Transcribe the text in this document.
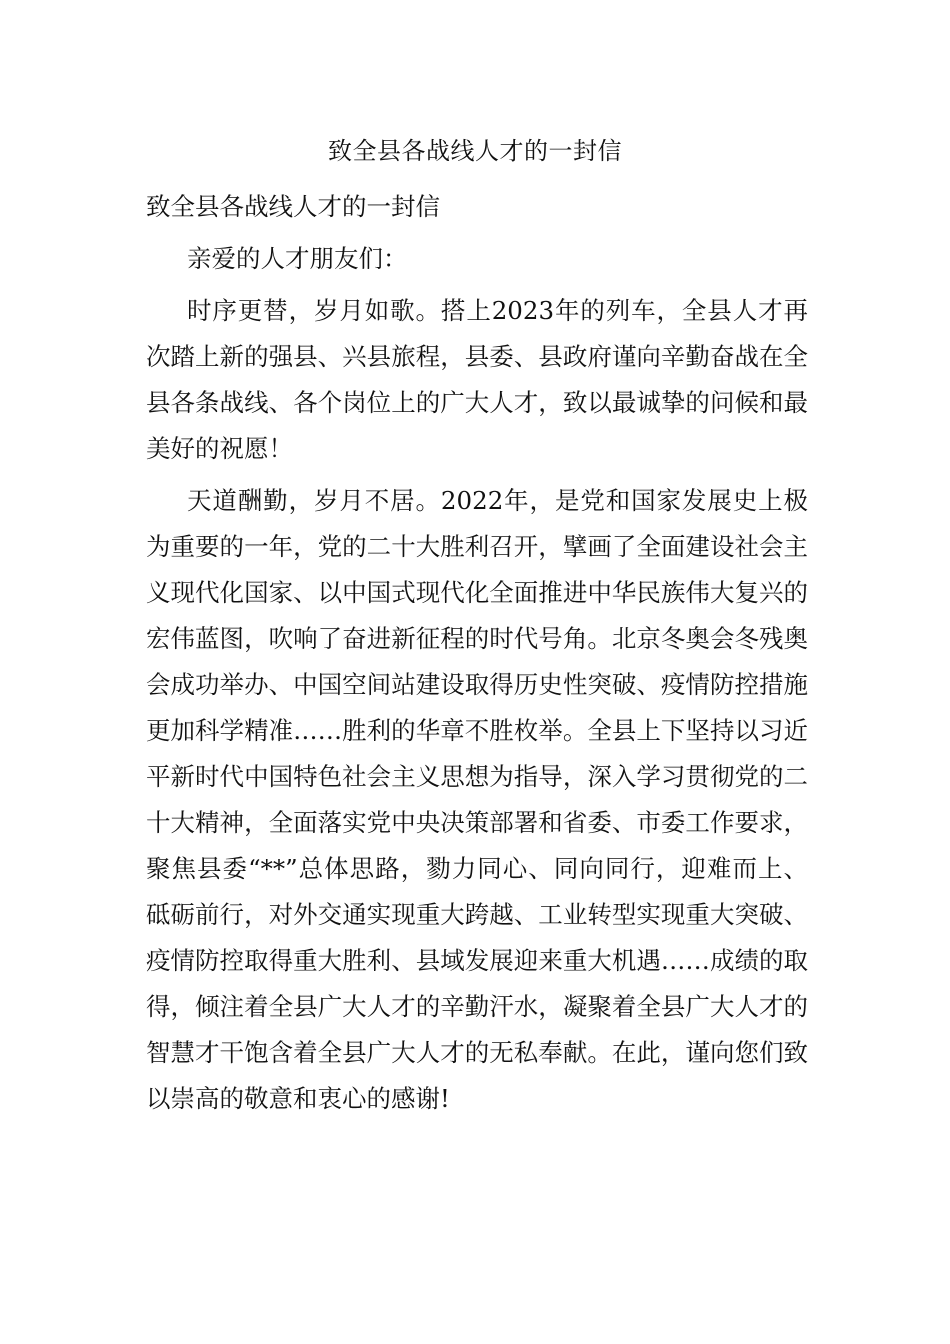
致全县各战线人才的一封信

致全县各战线人才的一封信

亲爱的人才朋友们：

时序更替，岁月如歌。搭上2023年的列车，全县人才再次踏上新的强县、兴县旅程，县委、县政府谨向辛勤奋战在全县各条战线、各个岗位上的广大人才，致以最诚挚的问候和最美好的祝愿！

天道酬勤，岁月不居。2022年，是党和国家发展史上极为重要的一年，党的二十大胜利召开，擘画了全面建设社会主义现代化国家、以中国式现代化全面推进中华民族伟大复兴的宏伟蓝图，吹响了奋进新征程的时代号角。北京冬奥会冬残奥会成功举办、中国空间站建设取得历史性突破、疫情防控措施更加科学精准……胜利的华章不胜枚举。全县上下坚持以习近平新时代中国特色社会主义思想为指导，深入学习贯彻党的二十大精神，全面落实党中央决策部署和省委、市委工作要求，聚焦县委“**”总体思路，勠力同心、同向同行，迎难而上、砥砺前行，对外交通实现重大跨越、工业转型实现重大突破、疫情防控取得重大胜利、县域发展迎来重大机遇……成绩的取得，倾注着全县广大人才的辛勤汗水，凝聚着全县广大人才的智慧才干饱含着全县广大人才的无私奉献。在此，谨向您们致以崇高的敬意和衷心的感谢!
